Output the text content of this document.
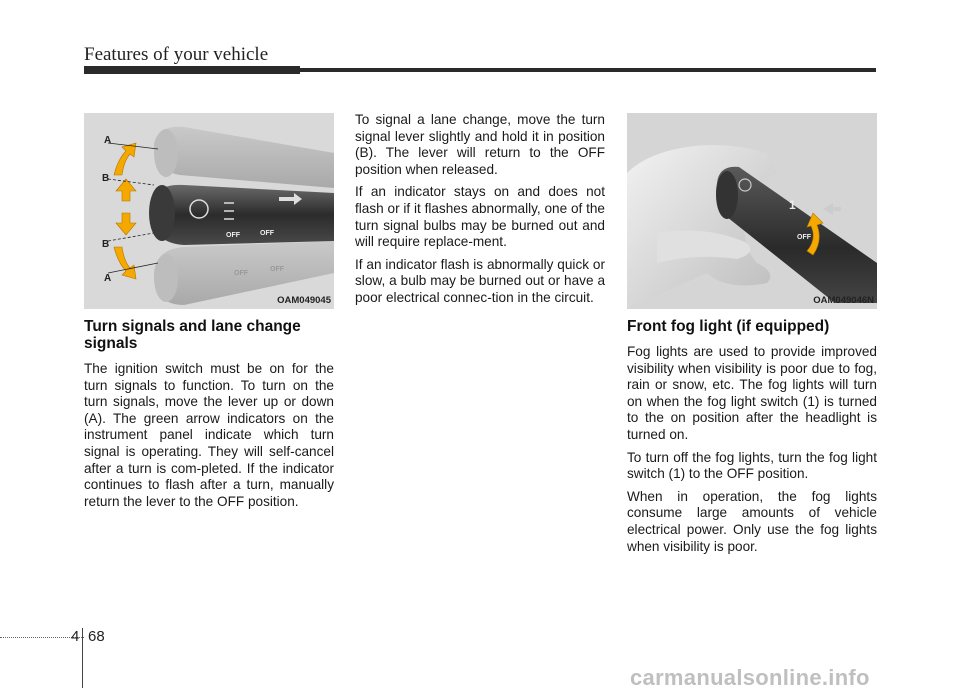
Features of your vehicle
A
B
B
A
OFF	OFF
OFF
OFF
OAM049045
Turn signals and lane change signals

The ignition switch must be on for the turn signals to function. To turn on the turn signals, move the lever up or down (A). The green arrow indicators on the instrument panel indicate which turn signal is operating. They will self-cancel after a turn is com-pleted. If the indicator continues to flash after a turn, manually return the lever to the OFF position.

To signal a lane change, move the turn signal lever slightly and hold it in position (B). The lever will return to the OFF position when released.

If an indicator stays on and does not flash or if it flashes abnormally, one of the turn signal bulbs may be burned out and will require replace-ment.

If an indicator flash is abnormally quick or slow, a bulb may be burned out or have a poor electrical connec-tion in the circuit.

1
OFF
OAM049046N
Front fog light (if equipped)

Fog lights are used to provide improved visibility when visibility is poor due to fog, rain or snow, etc. The fog lights will turn on when the fog light switch (1) is turned to the on position after the headlight is turned on.

To turn off the fog lights, turn the fog light switch (1) to the OFF position.

When in operation, the fog lights consume large amounts of vehicle electrical power. Only use the fog lights when visibility is poor.

4 68
carmanualsonline.info
